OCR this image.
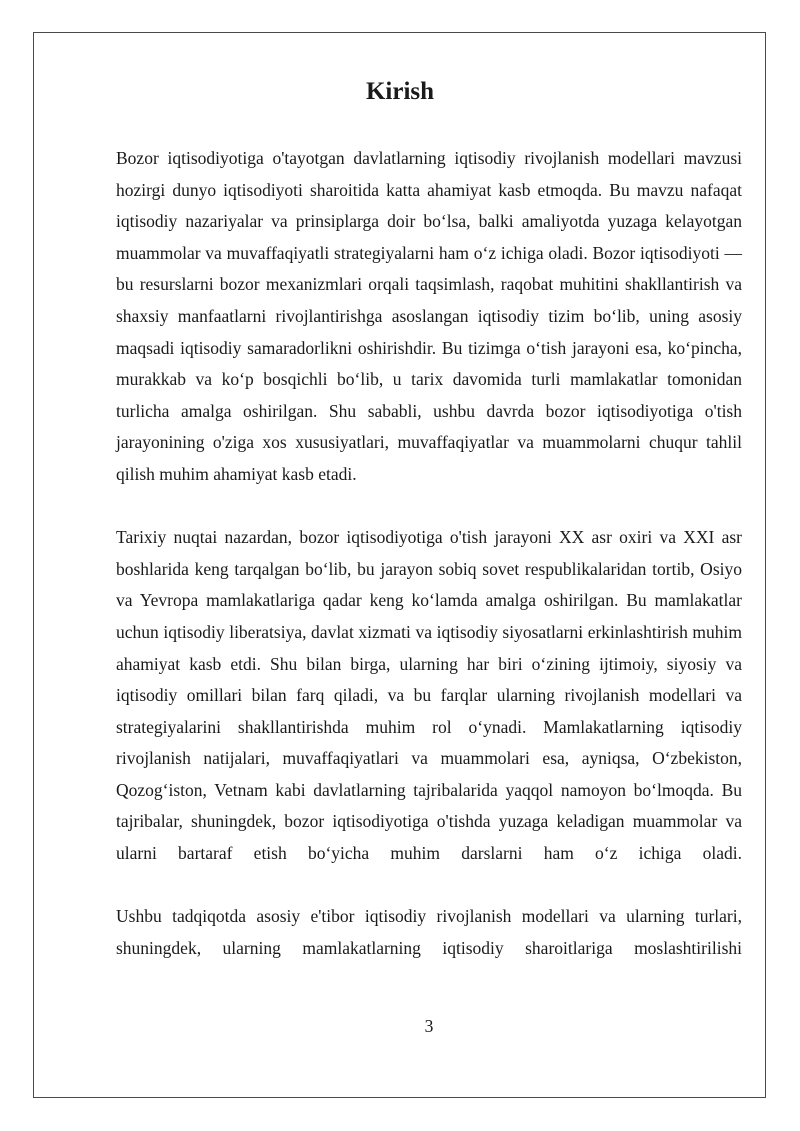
Kirish

Bozor iqtisodiyotiga o'tayotgan davlatlarning iqtisodiy rivojlanish modellari mavzusi hozirgi dunyo iqtisodiyoti sharoitida katta ahamiyat kasb etmoqda. Bu mavzu nafaqat iqtisodiy nazariyalar va prinsiplarga doir bo‘lsa, balki amaliyotda yuzaga kelayotgan muammolar va muvaffaqiyatli strategiyalarni ham o‘z ichiga oladi. Bozor iqtisodiyoti — bu resurslarni bozor mexanizmlari orqali taqsimlash, raqobat muhitini shakllantirish va shaxsiy manfaatlarni rivojlantirishga asoslangan iqtisodiy tizim bo‘lib, uning asosiy maqsadi iqtisodiy samaradorlikni oshirishdir. Bu tizimga o‘tish jarayoni esa, ko‘pincha, murakkab va ko‘p bosqichli bo‘lib, u tarix davomida turli mamlakatlar tomonidan turlicha amalga oshirilgan. Shu sababli, ushbu davrda bozor iqtisodiyotiga o'tish jarayonining o'ziga xos xususiyatlari, muvaffaqiyatlar va muammolarni chuqur tahlil qilish muhim ahamiyat kasb etadi.

Tarixiy nuqtai nazardan, bozor iqtisodiyotiga o'tish jarayoni XX asr oxiri va XXI asr boshlarida keng tarqalgan bo‘lib, bu jarayon sobiq sovet respublikalaridan tortib, Osiyo va Yevropa mamlakatlariga qadar keng ko‘lamda amalga oshirilgan. Bu mamlakatlar uchun iqtisodiy liberatsiya, davlat xizmati va iqtisodiy siyosatlarni erkinlashtirish muhim ahamiyat kasb etdi. Shu bilan birga, ularning har biri o‘zining ijtimoiy, siyosiy va iqtisodiy omillari bilan farq qiladi, va bu farqlar ularning rivojlanish modellari va strategiyalarini shakllantirishda muhim rol o‘ynadi. Mamlakatlarning iqtisodiy rivojlanish natijalari, muvaffaqiyatlari va muammolari esa, ayniqsa, O‘zbekiston, Qozog‘iston, Vetnam kabi davlatlarning tajribalarida yaqqol namoyon bo‘lmoqda. Bu tajribalar, shuningdek, bozor iqtisodiyotiga o'tishda yuzaga keladigan muammolar va ularni bartaraf etish bo‘yicha muhim darslarni ham o‘z ichiga oladi.

Ushbu tadqiqotda asosiy e'tibor iqtisodiy rivojlanish modellari va ularning turlari, shuningdek, ularning mamlakatlarning iqtisodiy sharoitlariga moslashtirilishi

3
